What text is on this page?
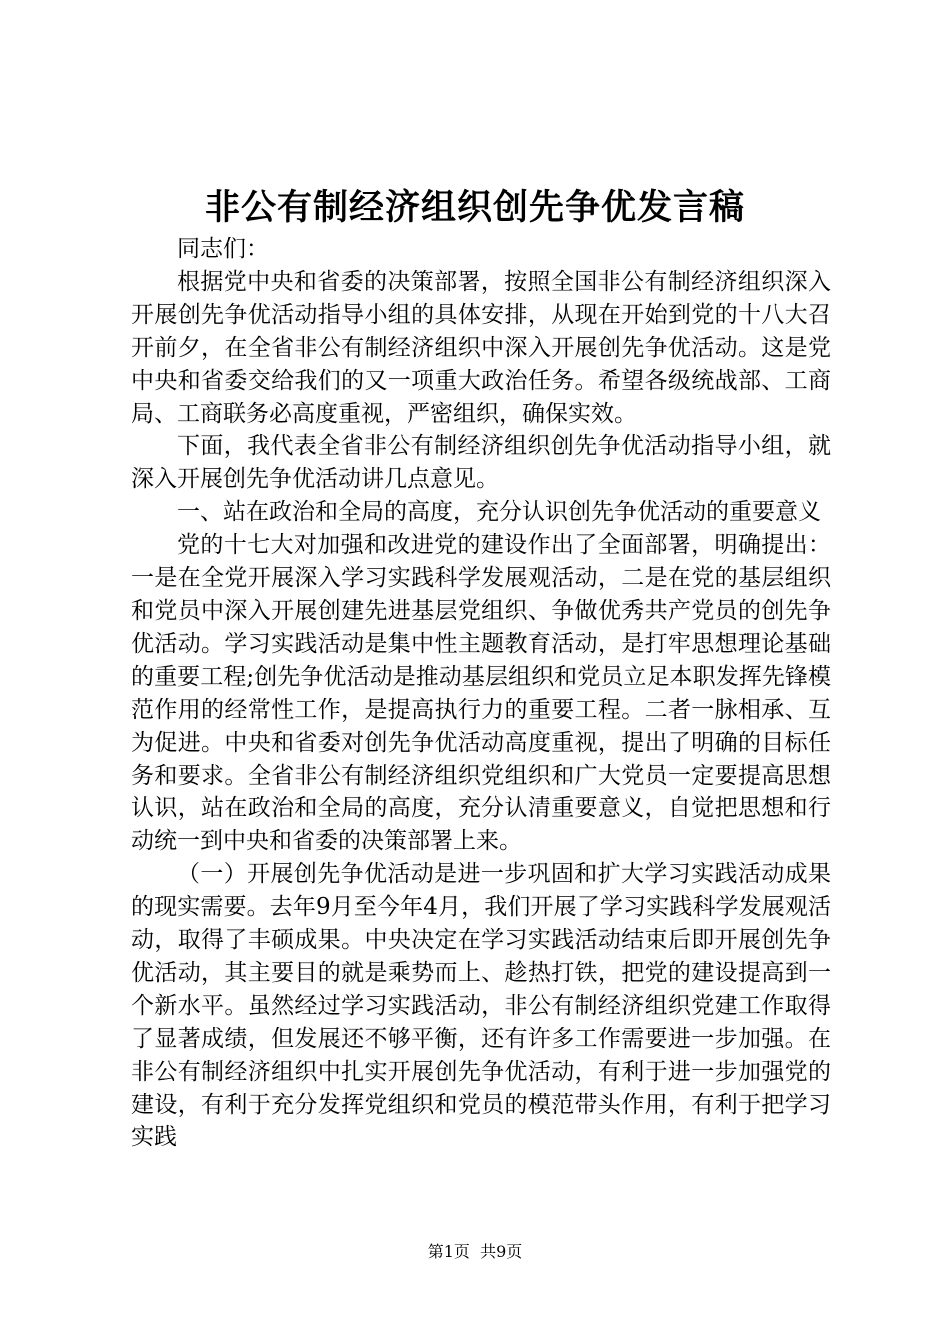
非公有制经济组织创先争优发言稿

同志们：

根据党中央和省委的决策部署，按照全国非公有制经济组织深入开展创先争优活动指导小组的具体安排，从现在开始到党的十八大召开前夕，在全省非公有制经济组织中深入开展创先争优活动。这是党中央和省委交给我们的又一项重大政治任务。希望各级统战部、工商局、工商联务必高度重视，严密组织，确保实效。

下面，我代表全省非公有制经济组织创先争优活动指导小组，就深入开展创先争优活动讲几点意见。

一、站在政治和全局的高度，充分认识创先争优活动的重要意义

党的十七大对加强和改进党的建设作出了全面部署，明确提出：一是在全党开展深入学习实践科学发展观活动，二是在党的基层组织和党员中深入开展创建先进基层党组织、争做优秀共产党员的创先争优活动。学习实践活动是集中性主题教育活动，是打牢思想理论基础的重要工程;创先争优活动是推动基层组织和党员立足本职发挥先锋模范作用的经常性工作，是提高执行力的重要工程。二者一脉相承、互为促进。中央和省委对创先争优活动高度重视，提出了明确的目标任务和要求。全省非公有制经济组织党组织和广大党员一定要提高思想认识，站在政治和全局的高度，充分认清重要意义，自觉把思想和行动统一到中央和省委的决策部署上来。

（一）开展创先争优活动是进一步巩固和扩大学习实践活动成果的现实需要。去年9月至今年4月，我们开展了学习实践科学发展观活动，取得了丰硕成果。中央决定在学习实践活动结束后即开展创先争优活动，其主要目的就是乘势而上、趁热打铁，把党的建设提高到一个新水平。虽然经过学习实践活动，非公有制经济组织党建工作取得了显著成绩，但发展还不够平衡，还有许多工作需要进一步加强。在非公有制经济组织中扎实开展创先争优活动，有利于进一步加强党的建设，有利于充分发挥党组织和党员的模范带头作用，有利于把学习实践

第1页  共9页
